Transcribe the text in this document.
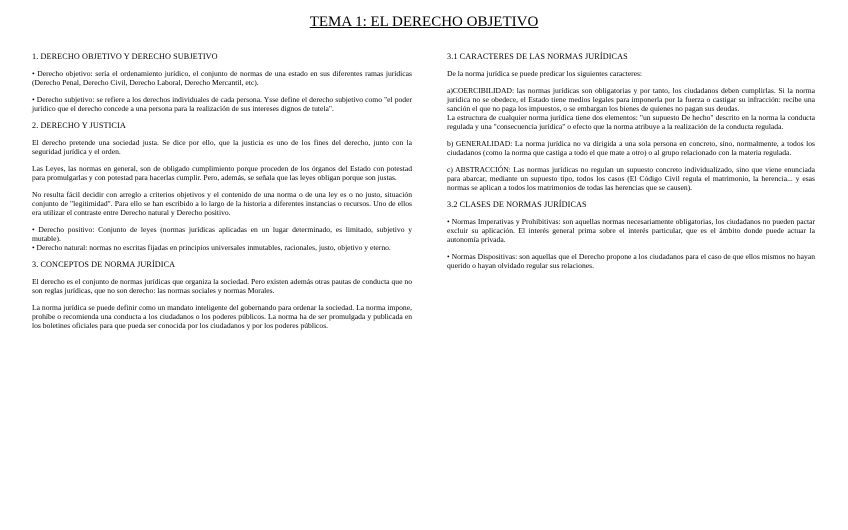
TEMA 1: EL DERECHO OBJETIVO
1. DERECHO OBJETIVO Y DERECHO SUBJETIVO
• Derecho objetivo: sería el ordenamiento jurídico, el conjunto de normas de una estado en sus diferentes ramas jurídicas (Derecho Penal, Derecho Civil, Derecho Laboral, Derecho Mercantil, etc).
• Derecho subjetivo: se refiere a los derechos individuales de cada persona. Ysse define el derecho subjetivo como "el poder jurídico que el derecho concede a una persona para la realización de sus intereses dignos de tutela".
2. DERECHO Y JUSTICIA
El derecho pretende una sociedad justa. Se dice por ello, que la justicia es uno de los fines del derecho, junto con la seguridad jurídica y el orden.
Las Leyes, las normas en general, son de obligado cumplimiento porque proceden de los órganos del Estado con potestad para promulgarlas y con potestad para hacerlas cumplir. Pero, además, se señala que las leyes obligan porque son justas.
No resulta fácil decidir con arreglo a criterios objetivos y el contenido de una norma o de una ley es o no justo, situación conjunto de "legitimidad". Para ello se han escribido a lo largo de la historia a diferentes instancias o recursos. Uno de ellos era utilizar el contraste entre Derecho natural y Derecho positivo.
• Derecho positivo: Conjunto de leyes (normas jurídicas aplicadas en un lugar determinado, es limitado, subjetivo y mutable).
• Derecho natural: normas no escritas fijadas en principios universales inmutables, racionales, justo, objetivo y eterno.
3. CONCEPTOS DE NORMA JURÍDICA
El derecho es el conjunto de normas jurídicas que organiza la sociedad. Pero existen además otras pautas de conducta que no son reglas jurídicas, que no son derecho: las normas sociales y normas Morales.
La norma jurídica se puede definir como un mandato inteligente del gobernando para ordenar la sociedad. La norma impone, prohíbe o recomienda una conducta a los ciudadanos o los poderes públicos. La norma ha de ser promulgada y publicada en los boletines oficiales para que pueda ser conocida por los ciudadanos y por los poderes públicos.
3.1 CARACTERES DE LAS NORMAS JURÍDICAS
De la norma jurídica se puede predicar los siguientes caracteres:
a)COERCIBILIDAD: las normas jurídicas son obligatorias y por tanto, los ciudadanos deben cumplirlas. Si la norma jurídica no se obedece, el Estado tiene medios legales para imponerla por la fuerza o castigar su infracción: recibe una sanción el que no paga los impuestos, o se embargan los bienes de quienes no pagan sus deudas.
La estructura de cualquier norma jurídica tiene dos elementos: "un supuesto De hecho" descrito en la norma la conducta regulada y una "consecuencia jurídica" o efecto que la norma atribuye a la realización de la conducta regulada.
b) GENERALIDAD: La norma jurídica no va dirigida a una sola persona en concreto, sino, normalmente, a todos los ciudadanos (como la norma que castiga a todo el que mate a otro) o al grupo relacionado con la materia regulada.
c) ABSTRACCIÓN: Las normas jurídicas no regulan un supuesto concreto individualizado, sino que viene enunciada para abarcar, mediante un supuesto tipo, todos los casos (El Código Civil regula el matrimonio, la herencia... y esas normas se aplican a todos los matrimonios de todas las herencias que se causen).
3.2 CLASES DE NORMAS JURÍDICAS
• Normas Imperativas y Prohibitivas: son aquellas normas necesariamente obligatorias, los ciudadanos no pueden pactar excluir su aplicación. El interés general prima sobre el interés particular, que es el ámbito donde puede actuar la autonomía privada.
• Normas Dispositivas: son aquellas que el Derecho propone a los ciudadanos para el caso de que ellos mismos no hayan querido o hayan olvidado regular sus relaciones.
